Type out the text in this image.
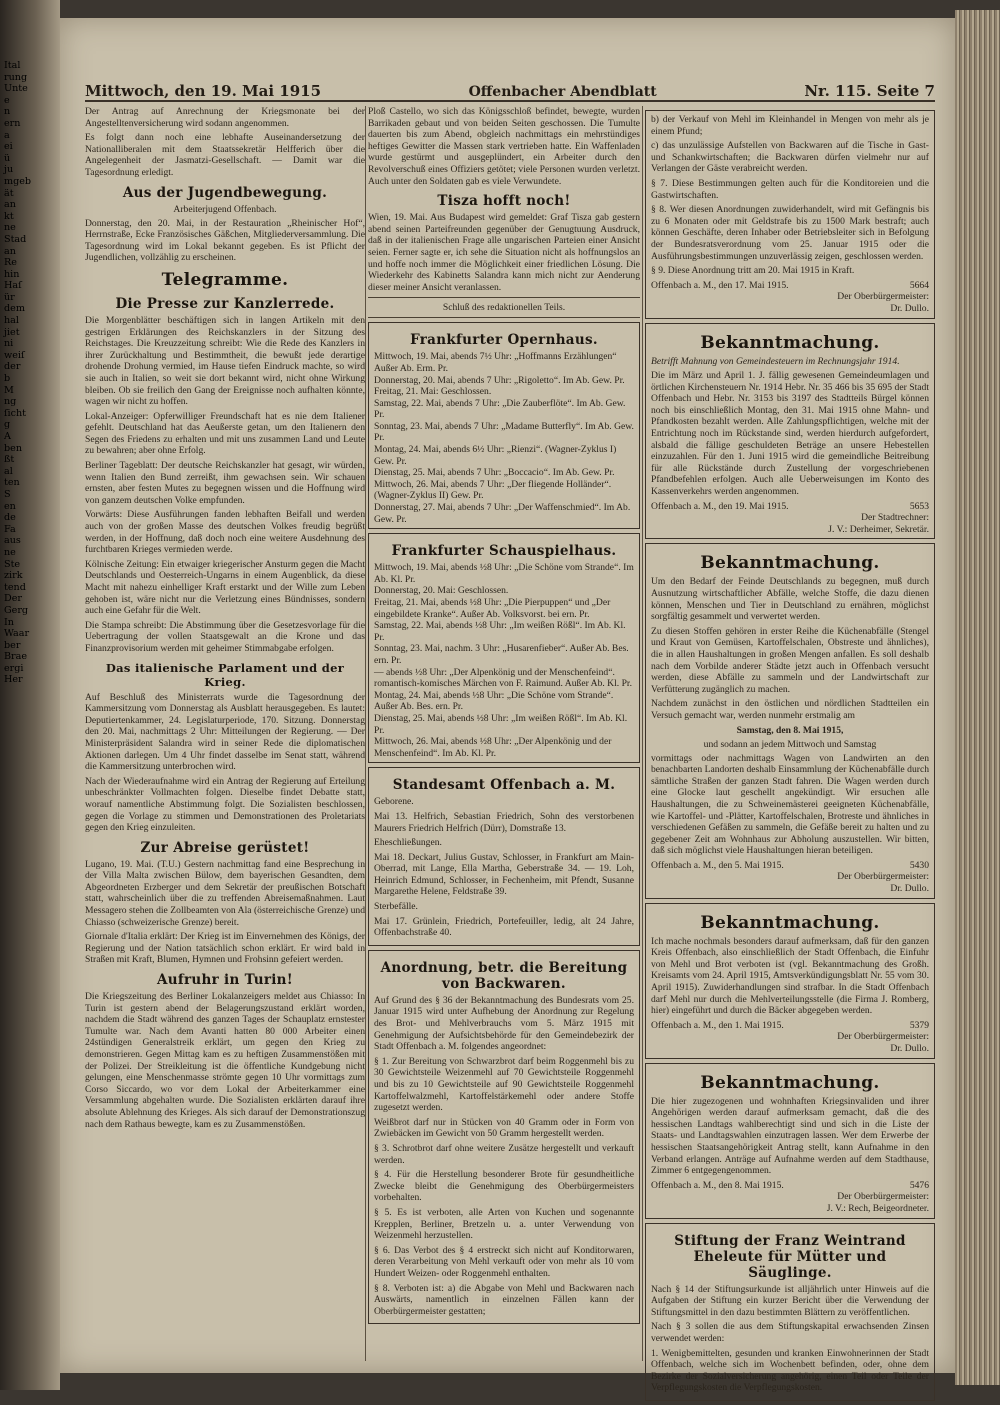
Ital

rung

Unte

e

n

ern

a

ei

ü

ju

mgeb

ät

an

kt

ne

Stad

an

Re

hin

Haſ

ür

dem

hal

jiet

ni

weiſ

der

b

M

ng

ſicht

g

A

ben

ßt

al

ten

S

en

de

Fa

aus

ne

Ste

zirk

tend

Der

Gerg

In

Waar

ber

Brae

ergi

Her

Mittwoch, den 19. Mai 1915	Offenbacher Abendblatt	Nr. 115. Seite 7

Der Antrag auf Anrechnung der Kriegsmonate bei der Angestelltenversicherung wird sodann angenommen.

Es folgt dann noch eine lebhafte Auseinandersetzung der Nationalliberalen mit dem Staatssekretär Helfferich über die Angelegenheit der Jasmatzi-Gesellschaft. — Damit war die Tagesordnung erledigt.

Aus der Jugendbewegung.
Arbeiterjugend Offenbach.

Donnerstag, den 20. Mai, in der Restauration „Rheinischer Hof“, Herrnstraße, Ecke Französisches Gäßchen, Mitgliederversammlung. Die Tagesordnung wird im Lokal bekannt gegeben. Es ist Pflicht der Jugendlichen, vollzählig zu erscheinen.

Telegramme.
Die Presse zur Kanzlerrede.

Die Morgenblätter beschäftigen sich in langen Artikeln mit den gestrigen Erklärungen des Reichskanzlers in der Sitzung des Reichstages. Die Kreuzzeitung schreibt: Wie die Rede des Kanzlers in ihrer Zurückhaltung und Bestimmtheit, die bewußt jede derartige drohende Drohung vermied, im Hause tiefen Eindruck machte, so wird sie auch in Italien, so weit sie dort bekannt wird, nicht ohne Wirkung bleiben. Ob sie freilich den Gang der Ereignisse noch aufhalten könnte, wagen wir nicht zu hoffen.

Lokal-Anzeiger: Opferwilliger Freundschaft hat es nie dem Italiener gefehlt. Deutschland hat das Aeußerste getan, um den Italienern den Segen des Friedens zu erhalten und mit uns zusammen Land und Leute zu bewahren; aber ohne Erfolg.

Berliner Tageblatt: Der deutsche Reichskanzler hat gesagt, wir würden, wenn Italien den Bund zerreißt, ihm gewachsen sein. Wir schauen ernsten, aber festen Mutes zu begegnen wissen und die Hoffnung wird von ganzem deutschen Volke empfunden.

Vorwärts: Diese Ausführungen fanden lebhaften Beifall und werden auch von der großen Masse des deutschen Volkes freudig begrüßt werden, in der Hoffnung, daß doch noch eine weitere Ausdehnung des furchtbaren Krieges vermieden werde.

Kölnische Zeitung: Ein etwaiger kriegerischer Ansturm gegen die Macht Deutschlands und Oesterreich-Ungarns in einem Augenblick, da diese Macht mit nahezu einhelliger Kraft erstarkt und der Wille zum Leben gehoben ist, wäre nicht nur die Verletzung eines Bündnisses, sondern auch eine Gefahr für die Welt.

Die Stampa schreibt: Die Abstimmung über die Gesetzesvorlage für die Uebertragung der vollen Staatsgewalt an die Krone und das Finanzprovisorium werden mit geheimer Stimmabgabe erfolgen.

Das italienische Parlament und der Krieg.

Auf Beschluß des Ministerrats wurde die Tagesordnung der Kammersitzung vom Donnerstag als Ausblatt herausgegeben. Es lautet: Deputiertenkammer, 24. Legislaturperiode, 170. Sitzung. Donnerstag den 20. Mai, nachmittags 2 Uhr: Mitteilungen der Regierung. — Der Ministerpräsident Salandra wird in seiner Rede die diplomatischen Aktionen darlegen. Um 4 Uhr findet dasselbe im Senat statt, während die Kammersitzung unterbrochen wird.

Nach der Wiederaufnahme wird ein Antrag der Regierung auf Erteilung unbeschränkter Vollmachten folgen. Dieselbe findet Debatte statt, worauf namentliche Abstimmung folgt. Die Sozialisten beschlossen, gegen die Vorlage zu stimmen und Demonstrationen des Proletariats gegen den Krieg einzuleiten.

Zur Abreise gerüstet!

Lugano, 19. Mai. (T.U.) Gestern nachmittag fand eine Besprechung in der Villa Malta zwischen Bülow, dem bayerischen Gesandten, dem Abgeordneten Erzberger und dem Sekretär der preußischen Botschaft statt, wahrscheinlich über die zu treffenden Abreisemaßnahmen. Laut Messagero stehen die Zollbeamten von Ala (österreichische Grenze) und Chiasso (schweizerische Grenze) bereit.

Giornale d'Italia erklärt: Der Krieg ist im Einvernehmen des Königs, der Regierung und der Nation tatsächlich schon erklärt. Er wird bald in Straßen mit Kraft, Blumen, Hymnen und Frohsinn gefeiert werden.

Aufruhr in Turin!

Die Kriegszeitung des Berliner Lokalanzeigers meldet aus Chiasso: In Turin ist gestern abend der Belagerungszustand erklärt worden, nachdem die Stadt während des ganzen Tages der Schauplatz ernstester Tumulte war. Nach dem Avanti hatten 80 000 Arbeiter einen 24stündigen Generalstreik erklärt, um gegen den Krieg zu demonstrieren. Gegen Mittag kam es zu heftigen Zusammenstößen mit der Polizei. Der Streikleitung ist die öffentliche Kundgebung nicht gelungen, eine Menschenmasse strömte gegen 10 Uhr vormittags zum Corso Siccardo, wo vor dem Lokal der Arbeiterkammer eine Versammlung abgehalten wurde. Die Sozialisten erklärten darauf ihre absolute Ablehnung des Krieges. Als sich darauf der Demonstrationszug nach dem Rathaus bewegte, kam es zu Zusammenstößen.

Ploß Castello, wo sich das Königsschloß befindet, bewegte, wurden Barrikaden gebaut und von beiden Seiten geschossen. Die Tumulte dauerten bis zum Abend, obgleich nachmittags ein mehrstündiges heftiges Gewitter die Massen stark vertrieben hatte. Ein Waffenladen wurde gestürmt und ausgeplündert, ein Arbeiter durch den Revolverschuß eines Offiziers getötet; viele Personen wurden verletzt. Auch unter den Soldaten gab es viele Verwundete.

Tisza hofft noch!

Wien, 19. Mai. Aus Budapest wird gemeldet: Graf Tisza gab gestern abend seinen Parteifreunden gegenüber der Genugtuung Ausdruck, daß in der italienischen Frage alle ungarischen Parteien einer Ansicht seien. Ferner sagte er, ich sehe die Situation nicht als hoffnungslos an und hoffe noch immer die Möglichkeit einer friedlichen Lösung. Die Wiederkehr des Kabinetts Salandra kann mich nicht zur Aenderung dieser meiner Ansicht veranlassen.

Schluß des redaktionellen Teils.
Frankfurter Opernhaus.

Mittwoch, 19. Mai, abends 7½ Uhr: „Hoffmanns Erzählungen“ Außer Ab. Erm. Pr.

Donnerstag, 20. Mai, abends 7 Uhr: „Rigoletto“. Im Ab. Gew. Pr.

Freitag, 21. Mai: Geschlossen.

Samstag, 22. Mai, abends 7 Uhr: „Die Zauberflöte“. Im Ab. Gew. Pr.

Sonntag, 23. Mai, abends 7 Uhr: „Madame Butterfly“. Im Ab. Gew. Pr.

Montag, 24. Mai, abends 6½ Uhr: „Rienzi“. (Wagner-Zyklus I) Gew. Pr.

Dienstag, 25. Mai, abends 7 Uhr: „Boccacio“. Im Ab. Gew. Pr.

Mittwoch, 26. Mai, abends 7 Uhr: „Der fliegende Holländer“. (Wagner-Zyklus II) Gew. Pr.

Donnerstag, 27. Mai, abends 7 Uhr: „Der Waffenschmied“. Im Ab. Gew. Pr.

Frankfurter Schauspielhaus.

Mittwoch, 19. Mai, abends ½8 Uhr: „Die Schöne vom Strande“. Im Ab. Kl. Pr.

Donnerstag, 20. Mai: Geschlossen.

Freitag, 21. Mai, abends ½8 Uhr: „Die Pierpuppen“ und „Der eingebildete Kranke“. Außer Ab. Volksvorst. bei ern. Pr.

Samstag, 22. Mai, abends ½8 Uhr: „Im weißen Rößl“. Im Ab. Kl. Pr.

Sonntag, 23. Mai, nachm. 3 Uhr: „Husarenfieber“. Außer Ab. Bes. ern. Pr.

— abends ½8 Uhr: „Der Alpenkönig und der Menschenfeind“. romantisch-komisches Märchen von F. Raimund. Außer Ab. Kl. Pr.

Montag, 24. Mai, abends ½8 Uhr: „Die Schöne vom Strande“. Außer Ab. Bes. ern. Pr.

Dienstag, 25. Mai, abends ½8 Uhr: „Im weißen Rößl“. Im Ab. Kl. Pr.

Mittwoch, 26. Mai, abends ½8 Uhr: „Der Alpenkönig und der Menschenfeind“. Im Ab. Kl. Pr.

Standesamt Offenbach a. M.

Geborene.

Mai 13. Helfrich, Sebastian Friedrich, Sohn des verstorbenen Maurers Friedrich Helfrich (Dürr), Domstraße 13.

Eheschließungen.

Mai 18. Deckart, Julius Gustav, Schlosser, in Frankfurt am Main-Oberrad, mit Lange, Ella Martha, Geberstraße 34. — 19. Loh, Heinrich Edmund, Schlosser, in Fechenheim, mit Pfendt, Susanne Margarethe Helene, Feldstraße 39.

Sterbefälle.

Mai 17. Grünlein, Friedrich, Portefeuiller, ledig, alt 24 Jahre, Offenbachstraße 40.

Anordnung, betr. die Bereitung von Backwaren.

Auf Grund des § 36 der Bekanntmachung des Bundesrats vom 25. Januar 1915 wird unter Aufhebung der Anordnung zur Regelung des Brot- und Mehlverbrauchs vom 5. März 1915 mit Genehmigung der Aufsichtsbehörde für den Gemeindebezirk der Stadt Offenbach a. M. folgendes angeordnet:

§ 1. Zur Bereitung von Schwarzbrot darf beim Roggenmehl bis zu 30 Gewichtsteile Weizenmehl auf 70 Gewichtsteile Roggenmehl und bis zu 10 Gewichtsteile auf 90 Gewichtsteile Roggenmehl Kartoffelwalzmehl, Kartoffelstärkemehl oder andere Stoffe zugesetzt werden.

Weißbrot darf nur in Stücken von 40 Gramm oder in Form von Zwiebäcken im Gewicht von 50 Gramm hergestellt werden.

§ 3. Schrotbrot darf ohne weitere Zusätze hergestellt und verkauft werden.

§ 4. Für die Herstellung besonderer Brote für gesundheitliche Zwecke bleibt die Genehmigung des Oberbürgermeisters vorbehalten.

§ 5. Es ist verboten, alle Arten von Kuchen und sogenannte Krepplen, Berliner, Bretzeln u. a. unter Verwendung von Weizenmehl herzustellen.

§ 6. Das Verbot des § 4 erstreckt sich nicht auf Konditorwaren, deren Verarbeitung von Mehl verkauft oder von mehr als 10 vom Hundert Weizen- oder Roggenmehl enthalten.

§ 8. Verboten ist: a) die Abgabe von Mehl und Backwaren nach Auswärts, namentlich in einzelnen Fällen kann der Oberbürgermeister gestatten;

b) der Verkauf von Mehl im Kleinhandel in Mengen von mehr als je einem Pfund;

c) das unzulässige Aufstellen von Backwaren auf die Tische in Gast- und Schankwirtschaften; die Backwaren dürfen vielmehr nur auf Verlangen der Gäste verabreicht werden.

§ 7. Diese Bestimmungen gelten auch für die Konditoreien und die Gastwirtschaften.

§ 8. Wer diesen Anordnungen zuwiderhandelt, wird mit Gefängnis bis zu 6 Monaten oder mit Geldstrafe bis zu 1500 Mark bestraft; auch können Geschäfte, deren Inhaber oder Betriebsleiter sich in Befolgung der Bundesratsverordnung vom 25. Januar 1915 oder die Ausführungsbestimmungen unzuverlässig zeigen, geschlossen werden.

§ 9. Diese Anordnung tritt am 20. Mai 1915 in Kraft.

Offenbach a. M., den 17. Mai 1915.	5664
Der Oberbürgermeister:
Dr. Dullo.
Bekanntmachung.

Betrifft Mahnung von Gemeindesteuern im Rechnungsjahr 1914.

Die im März und April 1. J. fällig gewesenen Gemeindeumlagen und örtlichen Kirchensteuern Nr. 1914 Hebr. Nr. 35 466 bis 35 695 der Stadt Offenbach und Hebr. Nr. 3153 bis 3197 des Stadtteils Bürgel können noch bis einschließlich Montag, den 31. Mai 1915 ohne Mahn- und Pfandkosten bezahlt werden. Alle Zahlungspflichtigen, welche mit der Entrichtung noch im Rückstande sind, werden hierdurch aufgefordert, alsbald die fällige geschuldeten Beträge an unsere Hebestellen einzuzahlen. Für den 1. Juni 1915 wird die gemeindliche Beitreibung für alle Rückstände durch Zustellung der vorgeschriebenen Pfandbefehlen erfolgen. Auch alle Ueberweisungen im Konto des Kassenverkehrs werden angenommen.

Offenbach a. M., den 19. Mai 1915.	5653
Der Stadtrechner:
J. V.: Derheimer, Sekretär.
Bekanntmachung.

Um den Bedarf der Feinde Deutschlands zu begegnen, muß durch Ausnutzung wirtschaftlicher Abfälle, welche Stoffe, die dazu dienen können, Menschen und Tier in Deutschland zu ernähren, möglichst sorgfältig gesammelt und verwertet werden.

Zu diesen Stoffen gehören in erster Reihe die Küchenabfälle (Stengel und Kraut von Gemüsen, Kartoffelschalen, Obstreste und ähnliches), die in allen Haushaltungen in großen Mengen anfallen. Es soll deshalb nach dem Vorbilde anderer Städte jetzt auch in Offenbach versucht werden, diese Abfälle zu sammeln und der Landwirtschaft zur Verfütterung zugänglich zu machen.

Nachdem zunächst in den östlichen und nördlichen Stadtteilen ein Versuch gemacht war, werden nunmehr erstmalig am

Samstag, den 8. Mai 1915,
und sodann an jedem Mittwoch und Samstag

vormittags oder nachmittags Wagen von Landwirten an den benachbarten Landorten deshalb Einsammlung der Küchenabfälle durch sämtliche Straßen der ganzen Stadt fahren. Die Wagen werden durch eine Glocke laut geschellt angekündigt. Wir ersuchen alle Haushaltungen, die zu Schweinemästerei geeigneten Küchenabfälle, wie Kartoffel- und -Plätter, Kartoffelschalen, Brotreste und ähnliches in verschiedenen Gefäßen zu sammeln, die Gefäße bereit zu halten und zu gegebener Zeit am Wohnhaus zur Abholung auszustellen. Wir bitten, daß sich möglichst viele Haushaltungen hieran beteiligen.

Offenbach a. M., den 5. Mai 1915.	5430
Der Oberbürgermeister:
Dr. Dullo.
Bekanntmachung.

Ich mache nochmals besonders darauf aufmerksam, daß für den ganzen Kreis Offenbach, also einschließlich der Stadt Offenbach, die Einfuhr von Mehl und Brot verboten ist (vgl. Bekanntmachung des Großh. Kreisamts vom 24. April 1915, Amtsverkündigungsblatt Nr. 55 vom 30. April 1915). Zuwiderhandlungen sind strafbar. In die Stadt Offenbach darf Mehl nur durch die Mehlverteilungsstelle (die Firma J. Romberg, hier) eingeführt und durch die Bäcker abgegeben werden.

Offenbach a. M., den 1. Mai 1915.	5379
Der Oberbürgermeister:
Dr. Dullo.
Bekanntmachung.

Die hier zugezogenen und wohnhaften Kriegsinvaliden und ihrer Angehörigen werden darauf aufmerksam gemacht, daß die des hessischen Landtags wahlberechtigt sind und sich in die Liste der Staats- und Landtagswahlen einzutragen lassen. Wer dem Erwerbe der hessischen Staatsangehörigkeit Antrag stellt, kann Aufnahme in den Verband erlangen. Anträge auf Aufnahme werden auf dem Stadthause, Zimmer 6 entgegengenommen.

Offenbach a. M., den 8. Mai 1915.	5476
Der Oberbürgermeister:
J. V.: Rech, Beigeordneter.
Stiftung der Franz Weintrand Eheleute für Mütter und Säuglinge.

Nach § 14 der Stiftungsurkunde ist alljährlich unter Hinweis auf die Aufgaben der Stiftung ein kurzer Bericht über die Verwendung der Stiftungsmittel in den dazu bestimmten Blättern zu veröffentlichen.

Nach § 3 sollen die aus dem Stiftungskapital erwachsenden Zinsen verwendet werden:

1. Wenigbemittelten, gesunden und kranken Einwohnerinnen der Stadt Offenbach, welche sich im Wochenbett befinden, oder, ohne dem Bezirke der Sozialversicherung angehörig, einen Teil oder Teile der Verpflegungskosten die Verpflegungskosten.
